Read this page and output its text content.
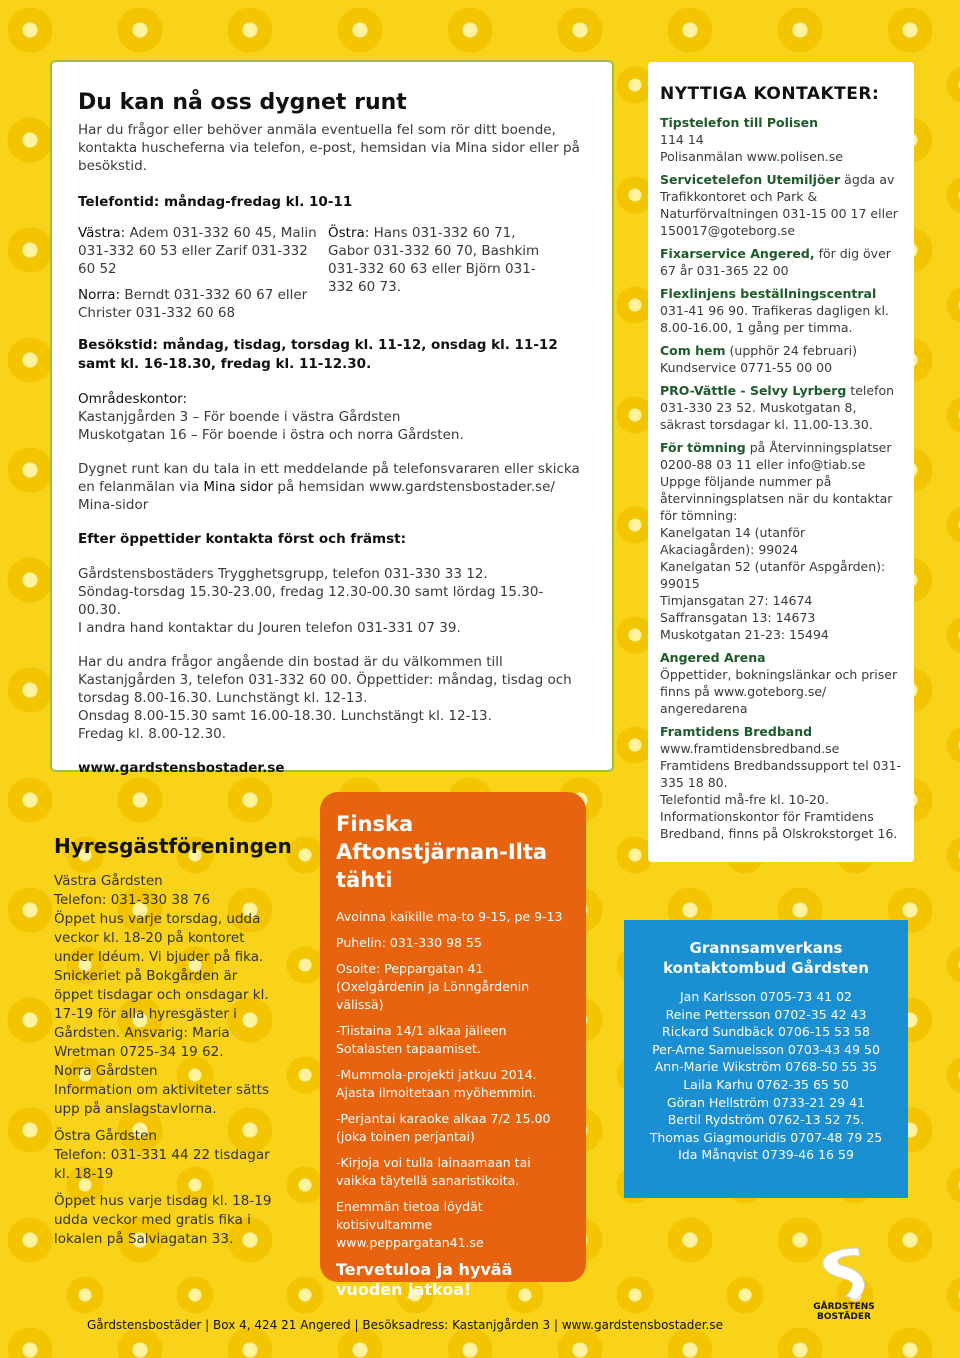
Du kan nå oss dygnet runt

Har du frågor eller behöver anmäla eventuella fel som rör ditt boende, kontakta huscheferna via telefon, e-post, hemsidan via Mina sidor eller på besökstid.

Telefontid: måndag-fredag kl. 10-11

Västra: Adem 031-332 60 45, Malin 031-332 60 53 eller Zarif 031-332 60 52

Norra: Berndt 031-332 60 67 eller Christer 031-332 60 68

Östra: Hans 031-332 60 71, Gabor 031-332 60 70, Bashkim 031-332 60 63 eller Björn 031-332 60 73.

Besökstid: måndag, tisdag, torsdag kl. 11-12, onsdag kl. 11-12 samt kl. 16-18.30, fredag kl. 11-12.30.

Områdeskontor:

Kastanjgården 3 – För boende i västra Gårdsten

Muskotgatan 16 – För boende i östra och norra Gårdsten.

Dygnet runt kan du tala in ett meddelande på telefonsvararen eller skicka en felanmälan via Mina sidor på hemsidan www.gardstensbostader.se/ Mina-sidor

Efter öppettider kontakta först och främst:

Gårdstensbostäders Trygghetsgrupp, telefon 031-330 33 12.

Söndag-torsdag 15.30-23.00, fredag 12.30-00.30 samt lördag 15.30-00.30.

I andra hand kontaktar du Jouren telefon 031-331 07 39.

Har du andra frågor angående din bostad är du välkommen till Kastanjgården 3, telefon 031-332 60 00. Öppettider: måndag, tisdag och torsdag 8.00-16.30. Lunchstängt kl. 12-13.

Onsdag 8.00-15.30 samt 16.00-18.30. Lunchstängt kl. 12-13.

Fredag kl. 8.00-12.30.

www.gardstensbostader.se

NYTTIGA KONTAKTER:

Tipstelefon till Polisen

114 14

Polisanmälan www.polisen.se

Servicetelefon Utemiljöer ägda av Trafikkontoret och Park & Naturförvaltningen 031-15 00 17 eller 150017@goteborg.se

Fixarservice Angered, för dig över 67 år 031-365 22 00

Flexlinjens beställningscentral

031-41 96 90. Trafikeras dagligen kl. 8.00-16.00, 1 gång per timma.

Com hem (upphör 24 februari) Kundservice 0771-55 00 00

PRO-Vättle - Selvy Lyrberg telefon 031-330 23 52. Muskotgatan 8, säkrast torsdagar kl. 11.00-13.30.

För tömning på Återvinningsplatser 0200-88 03 11 eller info@tiab.se Uppge följande nummer på återvinningsplatsen när du kontaktar för tömning:

Kanelgatan 14 (utanför Akaciagården): 99024

Kanelgatan 52 (utanför Aspgården): 99015

Timjansgatan 27: 14674

Saffransgatan 13: 14673

Muskotgatan 21-23: 15494

Angered Arena

Öppettider, bokningslänkar och priser finns på www.goteborg.se/ angeredarena

Framtidens Bredband

www.framtidensbredband.se

Framtidens Bredbandssupport tel 031-335 18 80.

Telefontid må-fre kl. 10-20.

Informationskontor för Framtidens Bredband, finns på Olskrokstorget 16.

Hyresgästföreningen

Västra Gårdsten

Telefon: 031-330 38 76

Öppet hus varje torsdag, udda veckor kl. 18-20 på kontoret under Idéum. Vi bjuder på fika.

Snickeriet på Bokgården är öppet tisdagar och onsdagar kl. 17-19 för alla hyresgäster i Gårdsten. Ansvarig: Maria Wretman 0725-34 19 62.

Norra Gårdsten

Information om aktiviteter sätts upp på anslagstavlorna.

Östra Gårdsten

Telefon: 031-331 44 22 tisdagar kl. 18-19

Öppet hus varje tisdag kl. 18-19 udda veckor med gratis fika i lokalen på Salviagatan 33.

Finska Aftonstjärnan-Ilta tähti

Avoinna kaikille ma-to 9-15, pe 9-13

Puhelin: 031-330 98 55

Osoite: Peppargatan 41 (Oxelgårdenin ja Lönngårdenin välissä)

-Tiistaina 14/1 alkaa jälleen Sotalasten tapaamiset.

-Mummola-projekti jatkuu 2014. Ajasta ilmoitetaan myöhemmin.

-Perjantai karaoke alkaa 7/2 15.00 (joka toinen perjantai)

-Kirjoja voi tulla lainaamaan tai vaikka täytellä sanaristikoita.

Enemmän tietoa löydät kotisivultamme www.peppargatan41.se

Tervetuloa ja hyvää vuoden jatkoa!

Grannsamverkans kontaktombud Gårdsten

Jan Karlsson 0705-73 41 02

Reine Pettersson 0702-35 42 43

Rickard Sundbäck 0706-15 53 58

Per-Arne Samuelsson 0703-43 49 50

Ann-Marie Wikström 0768-50 55 35

Laila Karhu 0762-35 65 50

Göran Hellström 0733-21 29 41

Bertil Rydström 0762-13 52 75.

Thomas Giagmouridis 0707-48 79 25

Ida Månqvist 0739-46 16 59

GÅRDSTENS
BOSTÄDER
Gårdstensbostäder | Box 4, 424 21 Angered | Besöksadress: Kastanjgården 3 | www.gardstensbostader.se
